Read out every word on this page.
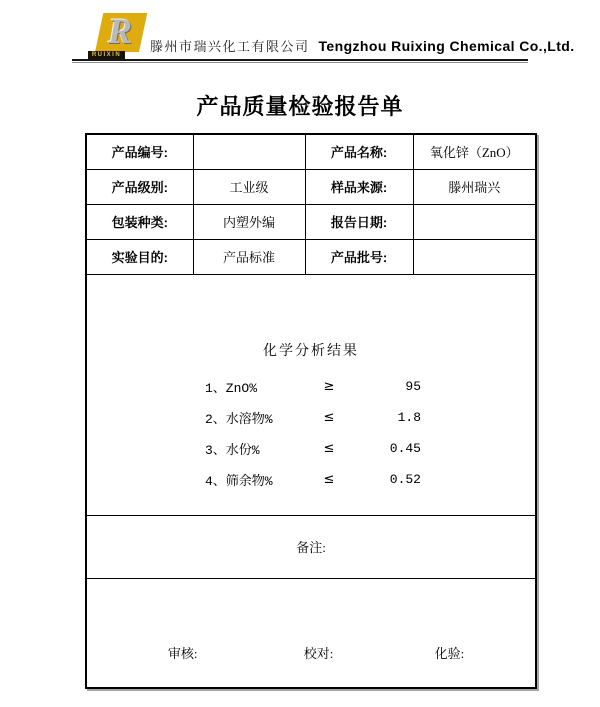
R
RUIXIN
滕州市瑞兴化工有限公司 Tengzhou Ruixing Chemical Co.,Ltd.
产品质量检验报告单
产品编号:		产品名称:	氧化锌（ZnO）
产品级别:	工业级	样品来源:	滕州瑞兴
包装种类:	内塑外编	报告日期:	
实验目的:	产品标准	产品批号:	

化学分析结果
1、ZnO%	≥	95
2、水溶物%	≤	1.8
3、水份%	≤	0.45
4、筛余物%	≤	0.52

备注:			

审核: 校对: 化验:			
